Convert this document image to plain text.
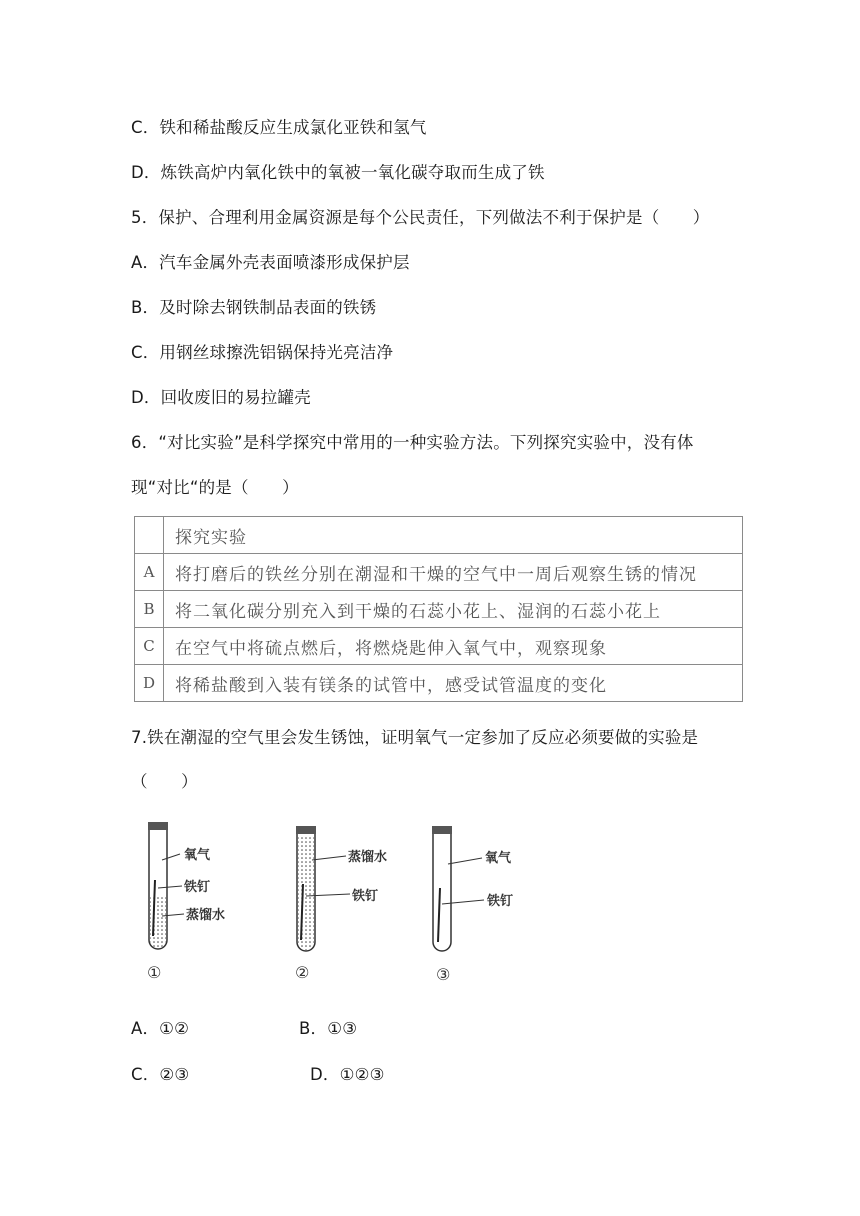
C．铁和稀盐酸反应生成氯化亚铁和氢气
D．炼铁高炉内氧化铁中的氧被一氧化碳夺取而生成了铁
5．保护、合理利用金属资源是每个公民责任，下列做法不利于保护是（　　）
A．汽车金属外壳表面喷漆形成保护层
B．及时除去钢铁制品表面的铁锈
C．用钢丝球擦洗铝锅保持光亮洁净
D．回收废旧的易拉罐壳
6．“对比实验”是科学探究中常用的一种实验方法。下列探究实验中，没有体
现“对比“的是（　　）
	探究实验
A	将打磨后的铁丝分别在潮湿和干燥的空气中一周后观察生锈的情况
B	将二氧化碳分别充入到干燥的石蕊小花上、湿润的石蕊小花上
C	在空气中将硫点燃后，将燃烧匙伸入氧气中，观察现象
D	将稀盐酸到入装有镁条的试管中，感受试管温度的变化
7.铁在潮湿的空气里会发生锈蚀，证明氧气一定参加了反应必须要做的实验是
（　　）
氧气
铁钉
蒸馏水
①
蒸馏水
铁钉
②
氧气
铁钉
③
A．①②	B．①③
C．②③	D．①②③
